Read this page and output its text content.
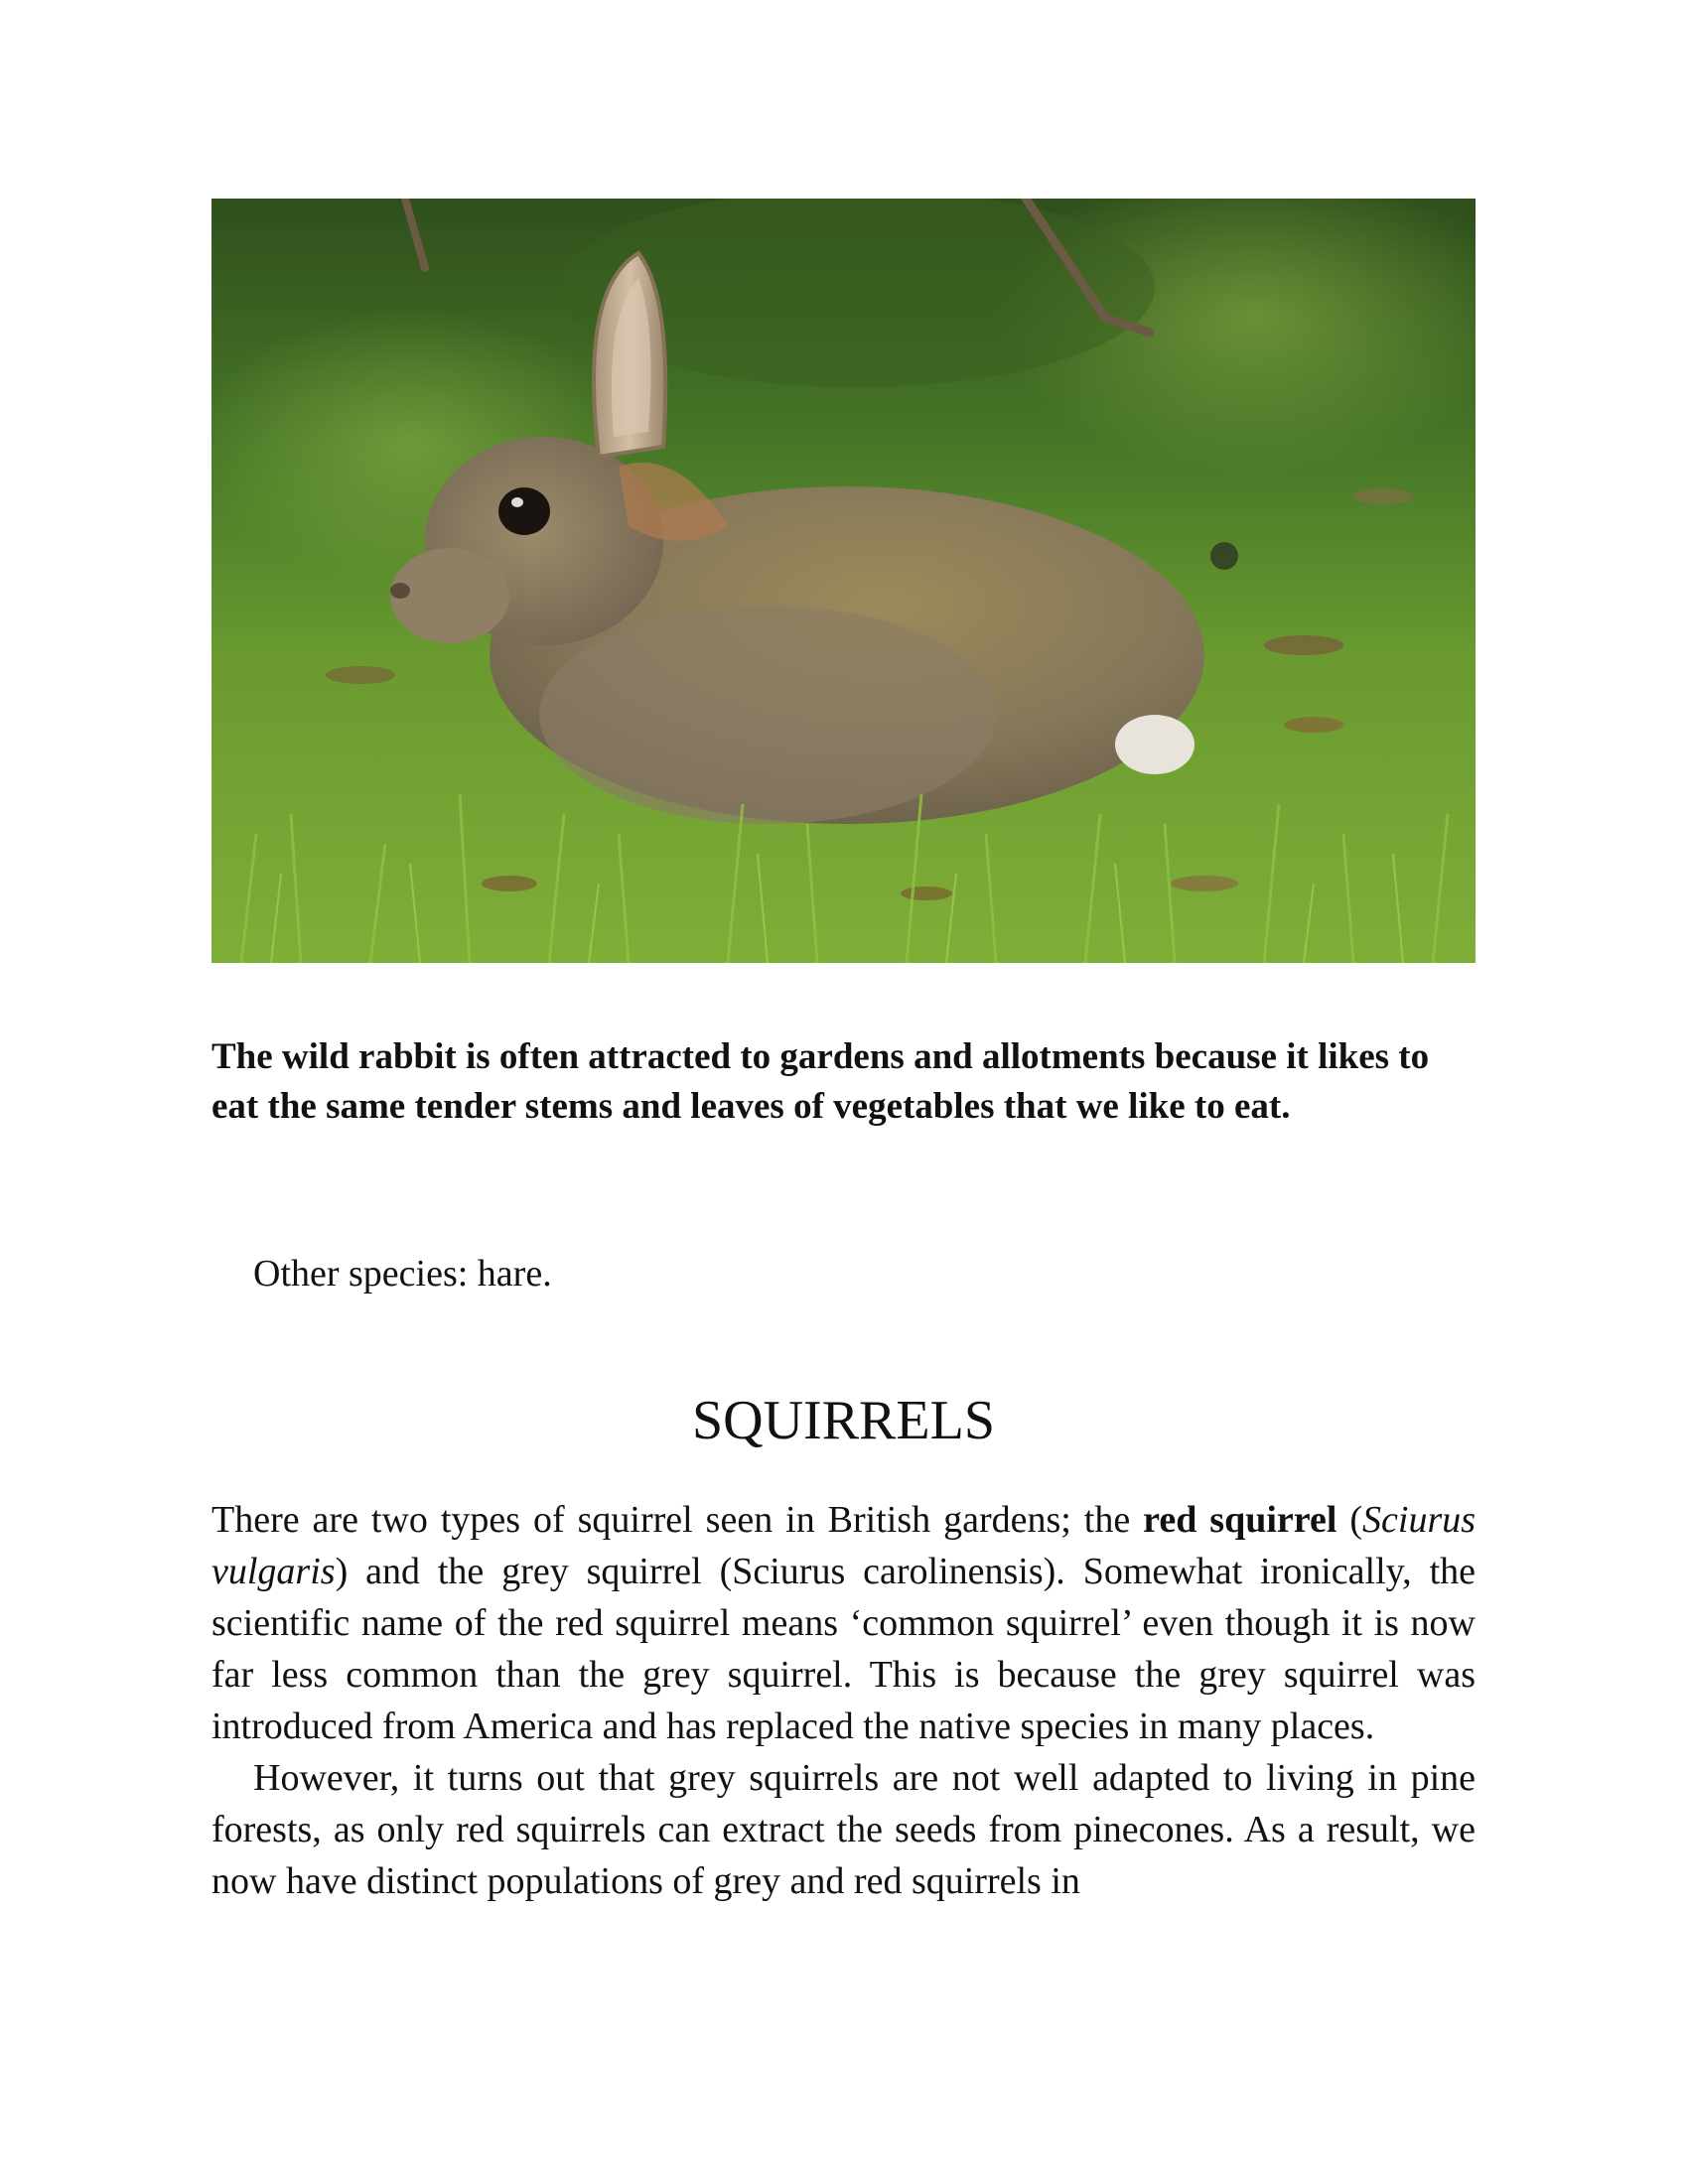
The wild rabbit is often attracted to gardens and allotments because it likes to eat the same tender stems and leaves of vegetables that we like to eat.

Other species: hare.

SQUIRRELS

There are two types of squirrel seen in British gardens; the red squirrel (Sciurus vulgaris) and the grey squirrel (Sciurus carolinensis). Somewhat ironically, the scientific name of the red squirrel means ‘common squirrel’ even though it is now far less common than the grey squirrel. This is because the grey squirrel was introduced from America and has replaced the native species in many places.

However, it turns out that grey squirrels are not well adapted to living in pine forests, as only red squirrels can extract the seeds from pinecones. As a result, we now have distinct populations of grey and red squirrels in
